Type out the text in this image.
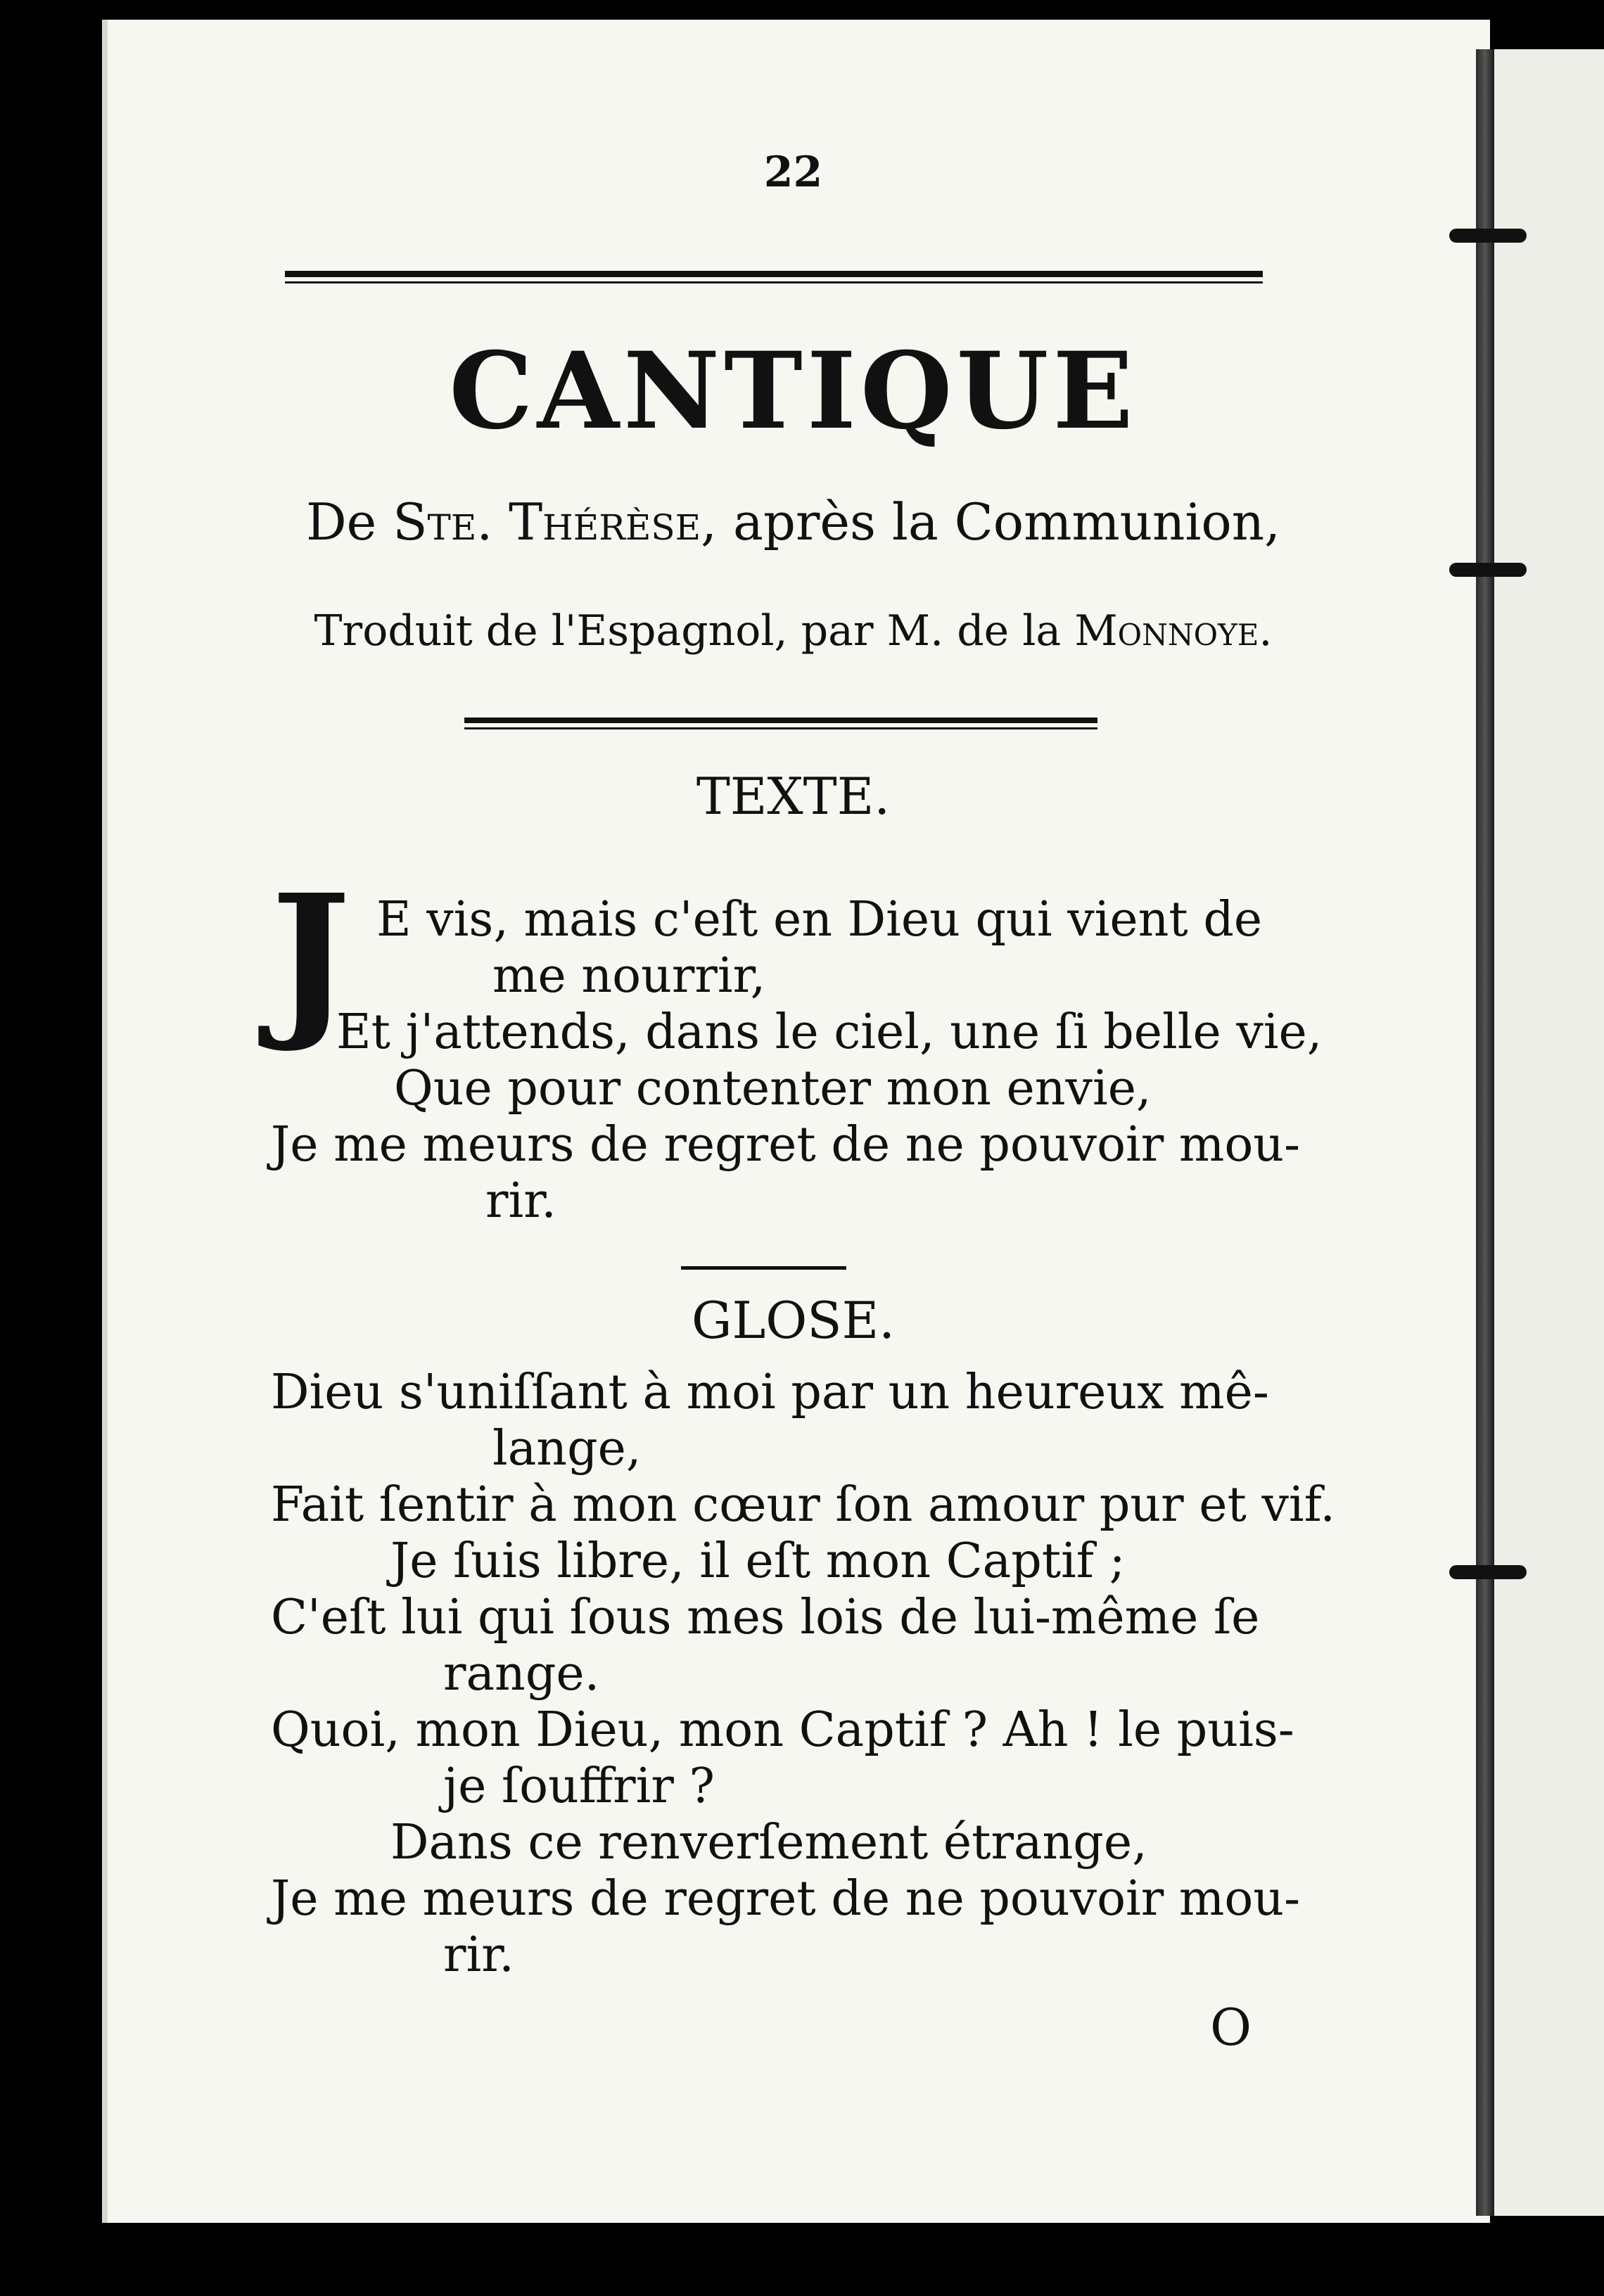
22
CANTIQUE
De Ste. Thérèse, après la Communion,
Troduit de l'Espagnol, par M. de la Monnoye.
TEXTE.
J E vis, mais c'eſt en Dieu qui vient de
me nourrir,
Et j'attends, dans le ciel, une ſi belle vie,
Que pour contenter mon envie,
Je me meurs de regret de ne pouvoir mou-
rir.
GLOSE.
Dieu s'uniſſant à moi par un heureux mê-
lange,
Fait ſentir à mon cœur ſon amour pur et vif.
Je ſuis libre, il eſt mon Captif ;
C'eſt lui qui ſous mes lois de lui-même ſe
range.
Quoi, mon Dieu, mon Captif ? Ah ! le puis-
je ſouffrir ?
Dans ce renverſement étrange,
Je me meurs de regret de ne pouvoir mou-
rir.
O
